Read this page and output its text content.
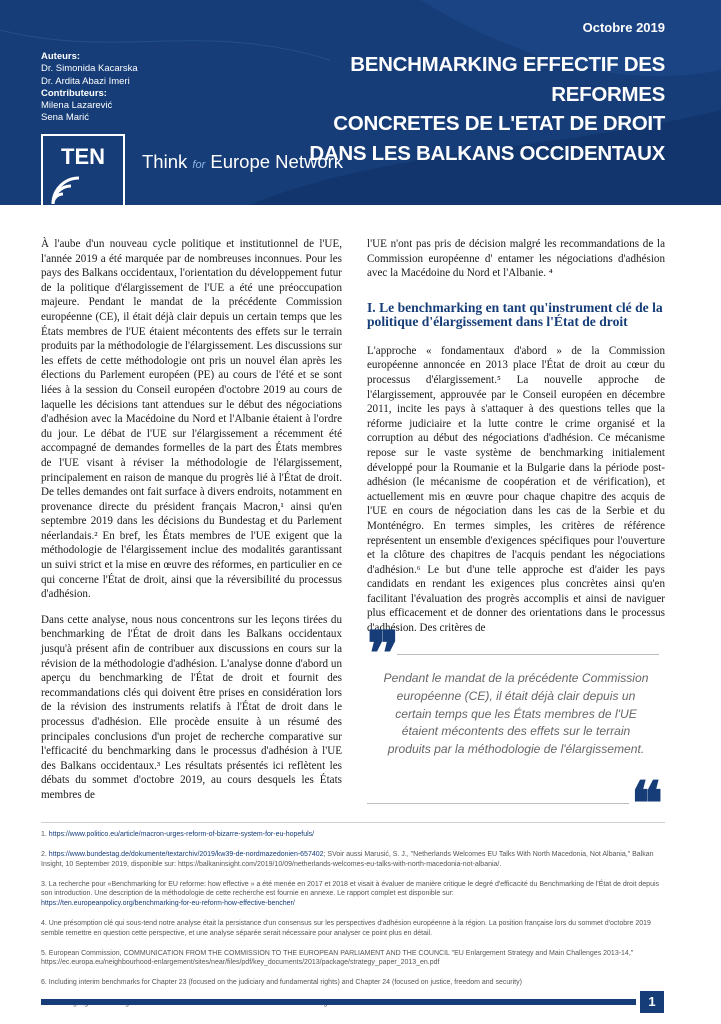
Octobre 2019
Auteurs:
Dr. Simonida Kacarska
Dr. Ardita Abazi Imeri
Contributeurs:
Milena Lazarević
Sena Marić
BENCHMARKING EFFECTIF DES REFORMES
CONCRETES DE L'ETAT DE DROIT
DANS LES BALKANS OCCIDENTAUX
TEN	Think for Europe Network

À l'aube d'un nouveau cycle politique et institutionnel de l'UE, l'année 2019 a été marquée par de nombreuses inconnues. Pour les pays des Balkans occidentaux, l'orientation du développement futur de la politique d'élargissement de l'UE a été une préoccupation majeure. Pendant le mandat de la précédente Commission européenne (CE), il était déjà clair depuis un certain temps que les États membres de l'UE étaient mécontents des effets sur le terrain produits par la méthodologie de l'élargissement. Les discussions sur les effets de cette méthodologie ont pris un nouvel élan après les élections du Parlement européen (PE) au cours de l'été et se sont liées à la session du Conseil européen d'octobre 2019 au cours de laquelle les décisions tant attendues sur le début des négociations d'adhésion avec la Macédoine du Nord et l'Albanie étaient à l'ordre du jour. Le débat de l'UE sur l'élargissement a récemment été accompagné de demandes formelles de la part des États membres de l'UE visant à réviser la méthodologie de l'élargissement, principalement en raison de manque du progrès lié à l'État de droit. De telles demandes ont fait surface à divers endroits, notamment en provenance directe du président français Macron,¹ ainsi qu'en septembre 2019 dans les décisions du Bundestag et du Parlement néerlandais.² En bref, les États membres de l'UE exigent que la méthodologie de l'élargissement inclue des modalités garantissant un suivi strict et la mise en œuvre des réformes, en particulier en ce qui concerne l'État de droit, ainsi que la réversibilité du processus d'adhésion.

Dans cette analyse, nous nous concentrons sur les leçons tirées du benchmarking de l'État de droit dans les Balkans occidentaux jusqu'à présent afin de contribuer aux discussions en cours sur la révision de la méthodologie d'adhésion. L'analyse donne d'abord un aperçu du benchmarking de l'État de droit et fournit des recommandations clés qui doivent être prises en considération lors de la révision des instruments relatifs à l'État de droit dans le processus d'adhésion. Elle procède ensuite à un résumé des principales conclusions d'un projet de recherche comparative sur l'efficacité du benchmarking dans le processus d'adhésion à l'UE des Balkans occidentaux.³ Les résultats présentés ici reflètent les débats du sommet d'octobre 2019, au cours desquels les États membres de

l'UE n'ont pas pris de décision malgré les recommandations de la Commission européenne d' entamer les négociations d'adhésion avec la Macédoine du Nord et l'Albanie. ⁴

I. Le benchmarking en tant qu'instrument clé de la politique d'élargissement dans l'État de droit

L'approche « fondamentaux d'abord » de la Commission européenne annoncée en 2013 place l'État de droit au cœur du processus d'élargissement.⁵ La nouvelle approche de l'élargissement, approuvée par le Conseil européen en décembre 2011, incite les pays à s'attaquer à des questions telles que la réforme judiciaire et la lutte contre le crime organisé et la corruption au début des négociations d'adhésion. Ce mécanisme repose sur le vaste système de benchmarking initialement développé pour la Roumanie et la Bulgarie dans la période post-adhésion (le mécanisme de coopération et de vérification), et actuellement mis en œuvre pour chaque chapitre des acquis de l'UE en cours de négociation dans les cas de la Serbie et du Monténégro. En termes simples, les critères de référence représentent un ensemble d'exigences spécifiques pour l'ouverture et la clôture des chapitres de l'acquis pendant les négociations d'adhésion.⁶ Le but d'une telle approche est d'aider les pays candidats en rendant les exigences plus concrètes ainsi qu'en facilitant l'évaluation des progrès accomplis et ainsi de naviguer plus efficacement et de donner des orientations dans le processus d'adhésion. Des critères de

❞
Pendant le mandat de la précédente Commission européenne (CE), il était déjà clair depuis un certain temps que les États membres de l'UE étaient mécontents des effets sur le terrain produits par la méthodologie de l'élargissement.
❝
1. https://www.politico.eu/article/macron-urges-reform-of-bizarre-system-for-eu-hopefuls/
2. https://www.bundestag.de/dokumente/textarchiv/2019/kw39-de-nordmazedonien-657402; SVoir aussi Marusić, S. J., "Netherlands Welcomes EU Talks With North Macedonia, Not Albania," Balkan Insight, 10 September 2019, disponible sur: https://balkaninsight.com/2019/10/09/netherlands-welcomes-eu-talks-with-north-macedonia-not-albania/.
3. La recherche pour «Benchmarking for EU reforme: how effective » a été menée en 2017 et 2018 et visait à évaluer de manière critique le degré d'efficacité du Benchmarking de l'État de droit depuis son introduction. Une description de la méthodologie de cette recherche est fournie en annexe. Le rapport complet est disponible sur:
https://ten.europeanpolicy.org/benchmarking-for-eu-reform-how-effective-bencher/
4. Une présomption clé qui sous-tend notre analyse était la persistance d'un consensus sur les perspectives d'adhésion européenne à la région. La position française lors du sommet d'octobre 2019 semble remettre en question cette perspective, et une analyse séparée serait nécessaire pour analyser ce point plus en détail.
5. European Commission, COMMUNICATION FROM THE COMMISSION TO THE EUROPEAN PARLIAMENT AND THE COUNCIL "EU Enlargement Strategy and Main Challenges 2013-14," https://ec.europa.eu/neighbourhood-enlargement/sites/near/files/pdf/key_documents/2013/package/strategy_paper_2013_en.pdf
6. Including interim benchmarks for Chapter 23 (focused on the judiciary and fundamental rights) and Chapter 24 (focused on justice, freedom and security)
1
